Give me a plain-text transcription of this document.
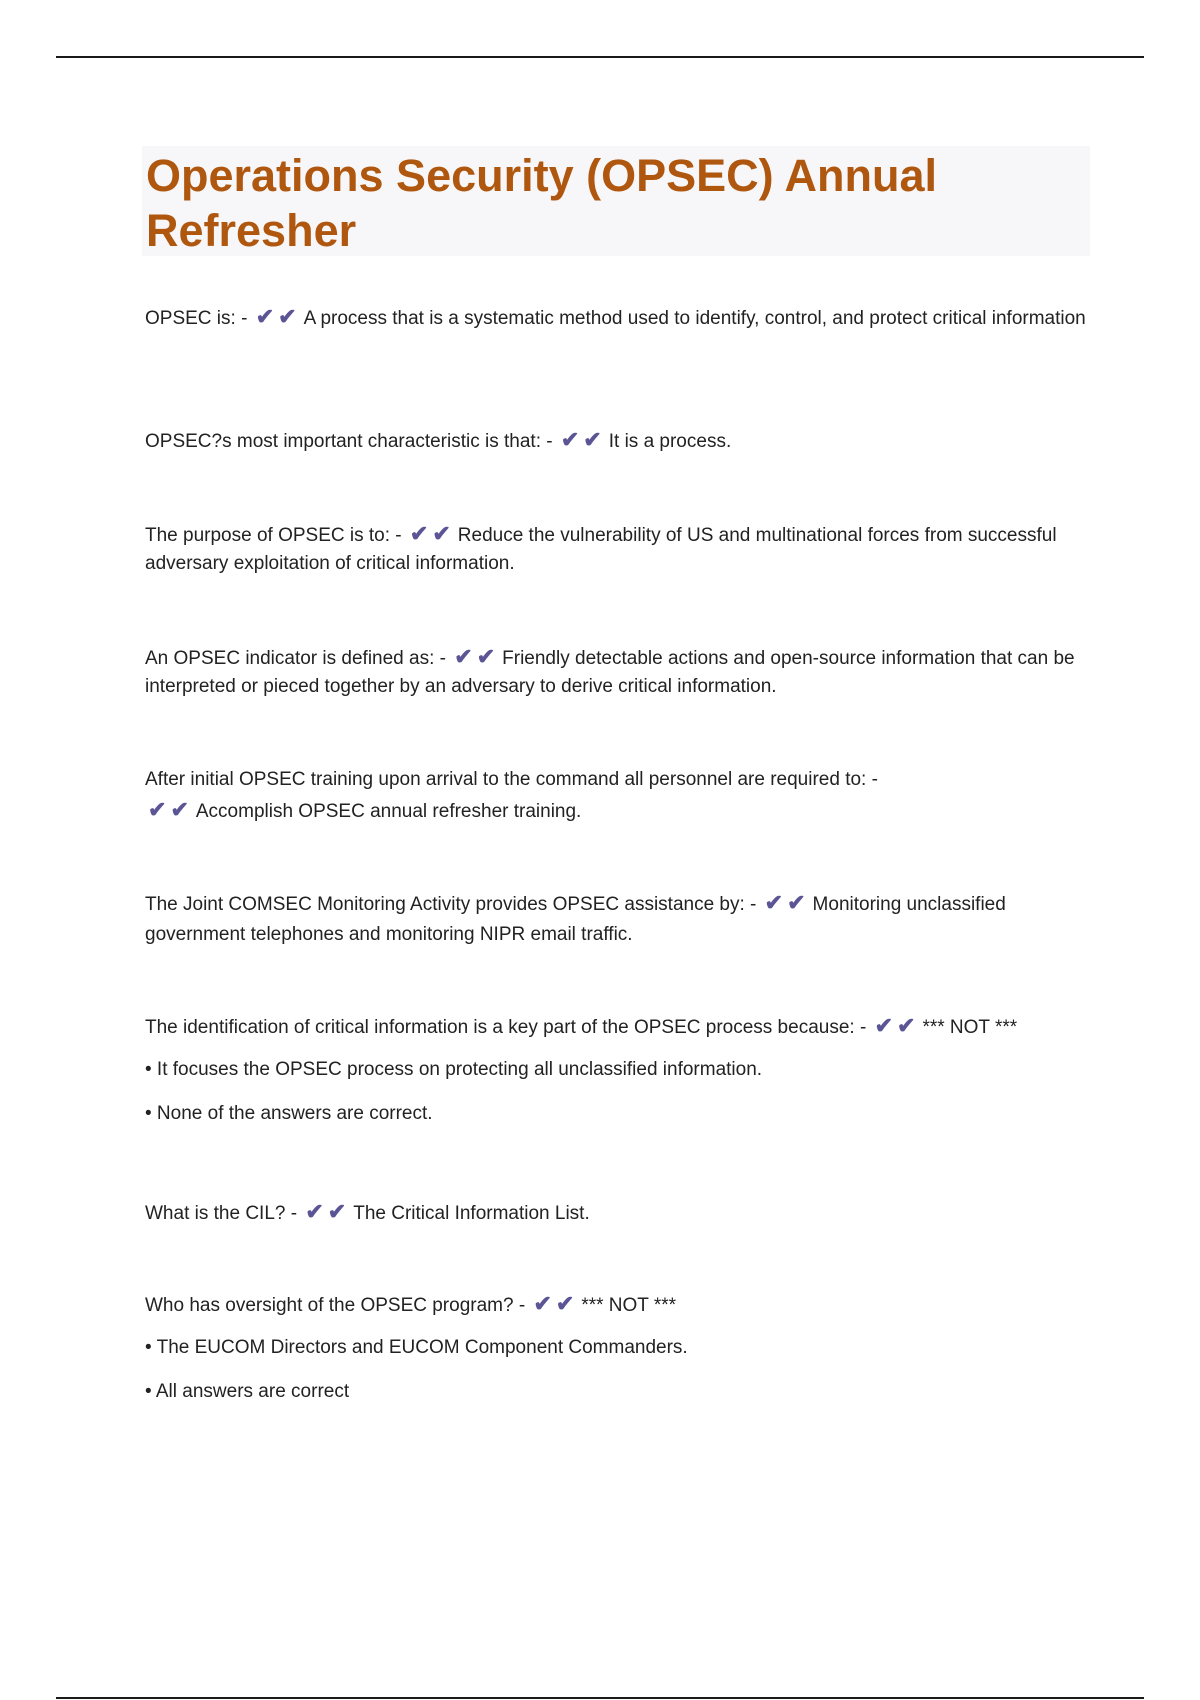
Operations Security (OPSEC) Annual Refresher
OPSEC is: - ✔✔ A process that is a systematic method used to identify, control, and protect critical information
OPSEC?s most important characteristic is that: - ✔✔ It is a process.
The purpose of OPSEC is to: - ✔✔ Reduce the vulnerability of US and multinational forces from successful adversary exploitation of critical information.
An OPSEC indicator is defined as: - ✔✔ Friendly detectable actions and open-source information that can be interpreted or pieced together by an adversary to derive critical information.
After initial OPSEC training upon arrival to the command all personnel are required to: -
✔✔ Accomplish OPSEC annual refresher training.
The Joint COMSEC Monitoring Activity provides OPSEC assistance by: - ✔✔ Monitoring unclassified government telephones and monitoring NIPR email traffic.
The identification of critical information is a key part of the OPSEC process because: - ✔✔ *** NOT ***
• It focuses the OPSEC process on protecting all unclassified information.
• None of the answers are correct.
What is the CIL? - ✔✔ The Critical Information List.
Who has oversight of the OPSEC program? - ✔✔ *** NOT ***
• The EUCOM Directors and EUCOM Component Commanders.
• All answers are correct
